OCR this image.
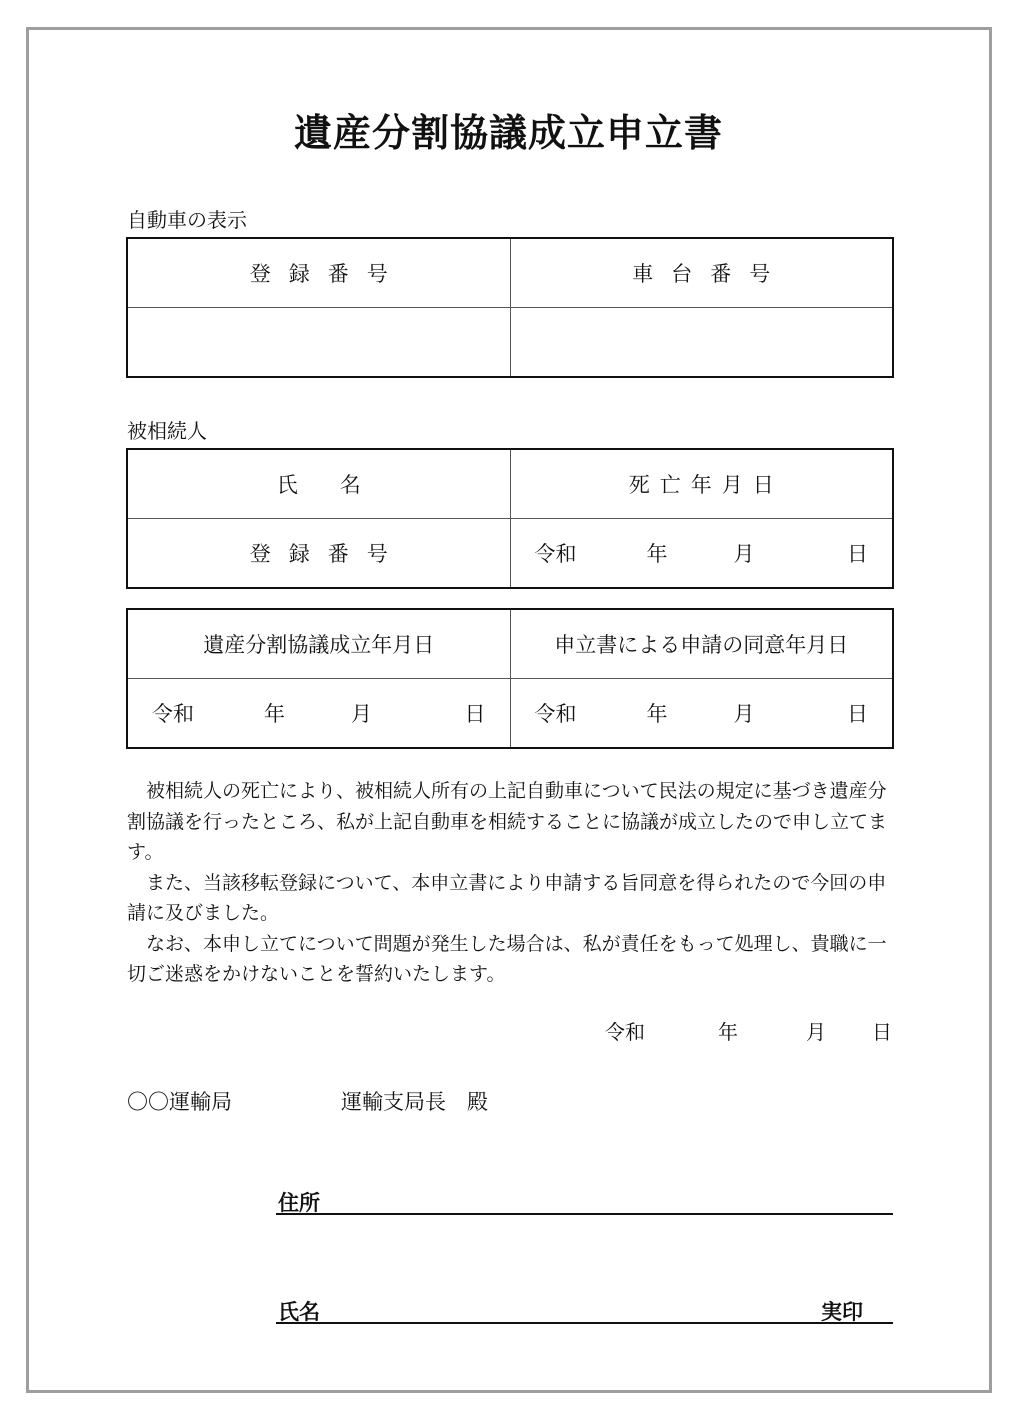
遺産分割協議成立申立書
自動車の表示
登録番号	車台番号

被相続人
氏　　名	死亡年月日
登録番号	令和 年 月 日
遺産分割協議成立年月日	申立書による申請の同意年月日

令和 年 月 日	令和 年 月 日

被相続人の死亡により、被相続人所有の上記自動車について民法の規定に基づき遺産分割協議を行ったところ、私が上記自動車を相続することに協議が成立したので申し立てます。

また、当該移転登録について、本申立書により申請する旨同意を得られたので今回の申請に及びました。

なお、本申し立てについて問題が発生した場合は、私が責任をもって処理し、貴職に一切ご迷惑をかけないことを誓約いたします。

令和	年	月 日
〇〇運輸局	運輸支局長　殿
住所
氏名	実印
